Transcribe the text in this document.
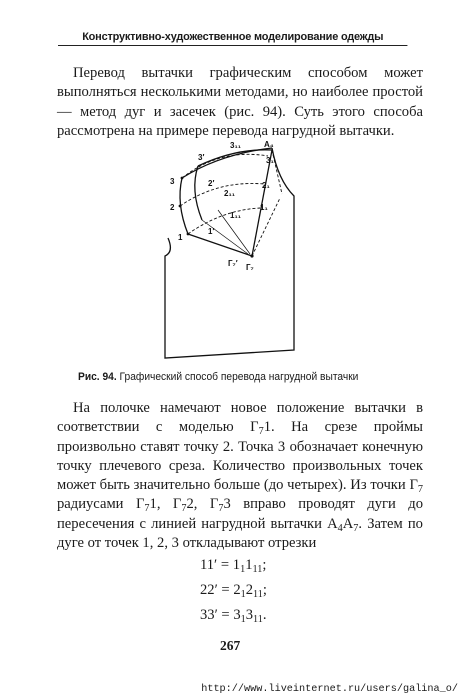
Конструктивно-художественное моделирование одежды

Перевод вытачки графическим способом может выполняться несколькими методами, но наиболее простой — метод дуг и засечек (рис. 94). Суть этого способа рассмотрена на примере перевода нагрудной вытачки.

A₄
3₁
3₁₁
3′
3	2′
2₁₁
2₁
2
1₁₁
1₁
1′
1
Г₇′ Г₇
Рис. 94. Графический способ перевода нагрудной вытачки

На полочке намечают новое положение вытачки в соответствии с моделью $Г_71$. На срезе проймы произвольно ставят точку 2. Точка 3 обозначает конечную точку плечевого среза. Количество произвольных точек может быть значительно больше (до четырех). Из точки $Г_7$ радиусами $Г_71$, $Г_72$, $Г_73$ вправо проводят дуги до пересечения с линией нагрудной вытачки $А_4А_7$. Затем по дуге от точек 1, 2, 3 откладывают отрезки

$11' = 1_11_{11}$;
$22' = 2_12_{11}$;
$33' = 3_13_{11}$.
267
http://www.liveinternet.ru/users/galina_o/
